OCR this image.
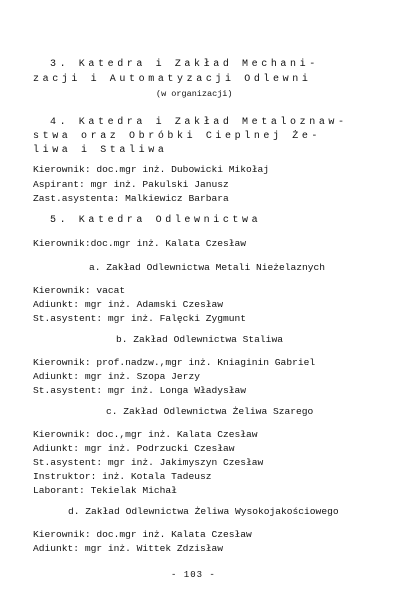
3. Katedra i Zakład Mechani-
zacji i Automatyzacji Odlewni
(w organizacji)
4. Katedra i Zakład Metaloznaw-
stwa oraz Obróbki Cieplnej Że-
liwa i Staliwa
Kierownik: doc.mgr inż. Dubowicki Mikołaj
Aspirant: mgr inż. Pakulski Janusz
Zast.asystenta: Malkiewicz Barbara
5. Katedra Odlewnictwa
Kierownik:doc.mgr inż. Kalata Czesław
a. Zakład Odlewnictwa Metali Nieżelaznych
Kierownik: vacat
Adiunkt: mgr inż. Adamski Czesław
St.asystent: mgr inż. Falęcki Zygmunt
b. Zakład Odlewnictwa Staliwa
Kierownik: prof.nadzw.,mgr inż. Kniaginin Gabriel
Adiunkt: mgr inż. Szopa Jerzy
St.asystent: mgr inż. Longa Władysław
c. Zakład Odlewnictwa Żeliwa Szarego
Kierownik: doc.,mgr inż. Kalata Czesław
Adiunkt: mgr inż. Podrzucki Czesław
St.asystent: mgr inż. Jakimyszyn Czesław
Instruktor: inż. Kotala Tadeusz
Laborant: Tekielak Michał
d. Zakład Odlewnictwa Żeliwa Wysokojakościowego
Kierownik: doc.mgr inż. Kalata Czesław
Adiunkt: mgr inż. Wittek Zdzisław
- 103 -
